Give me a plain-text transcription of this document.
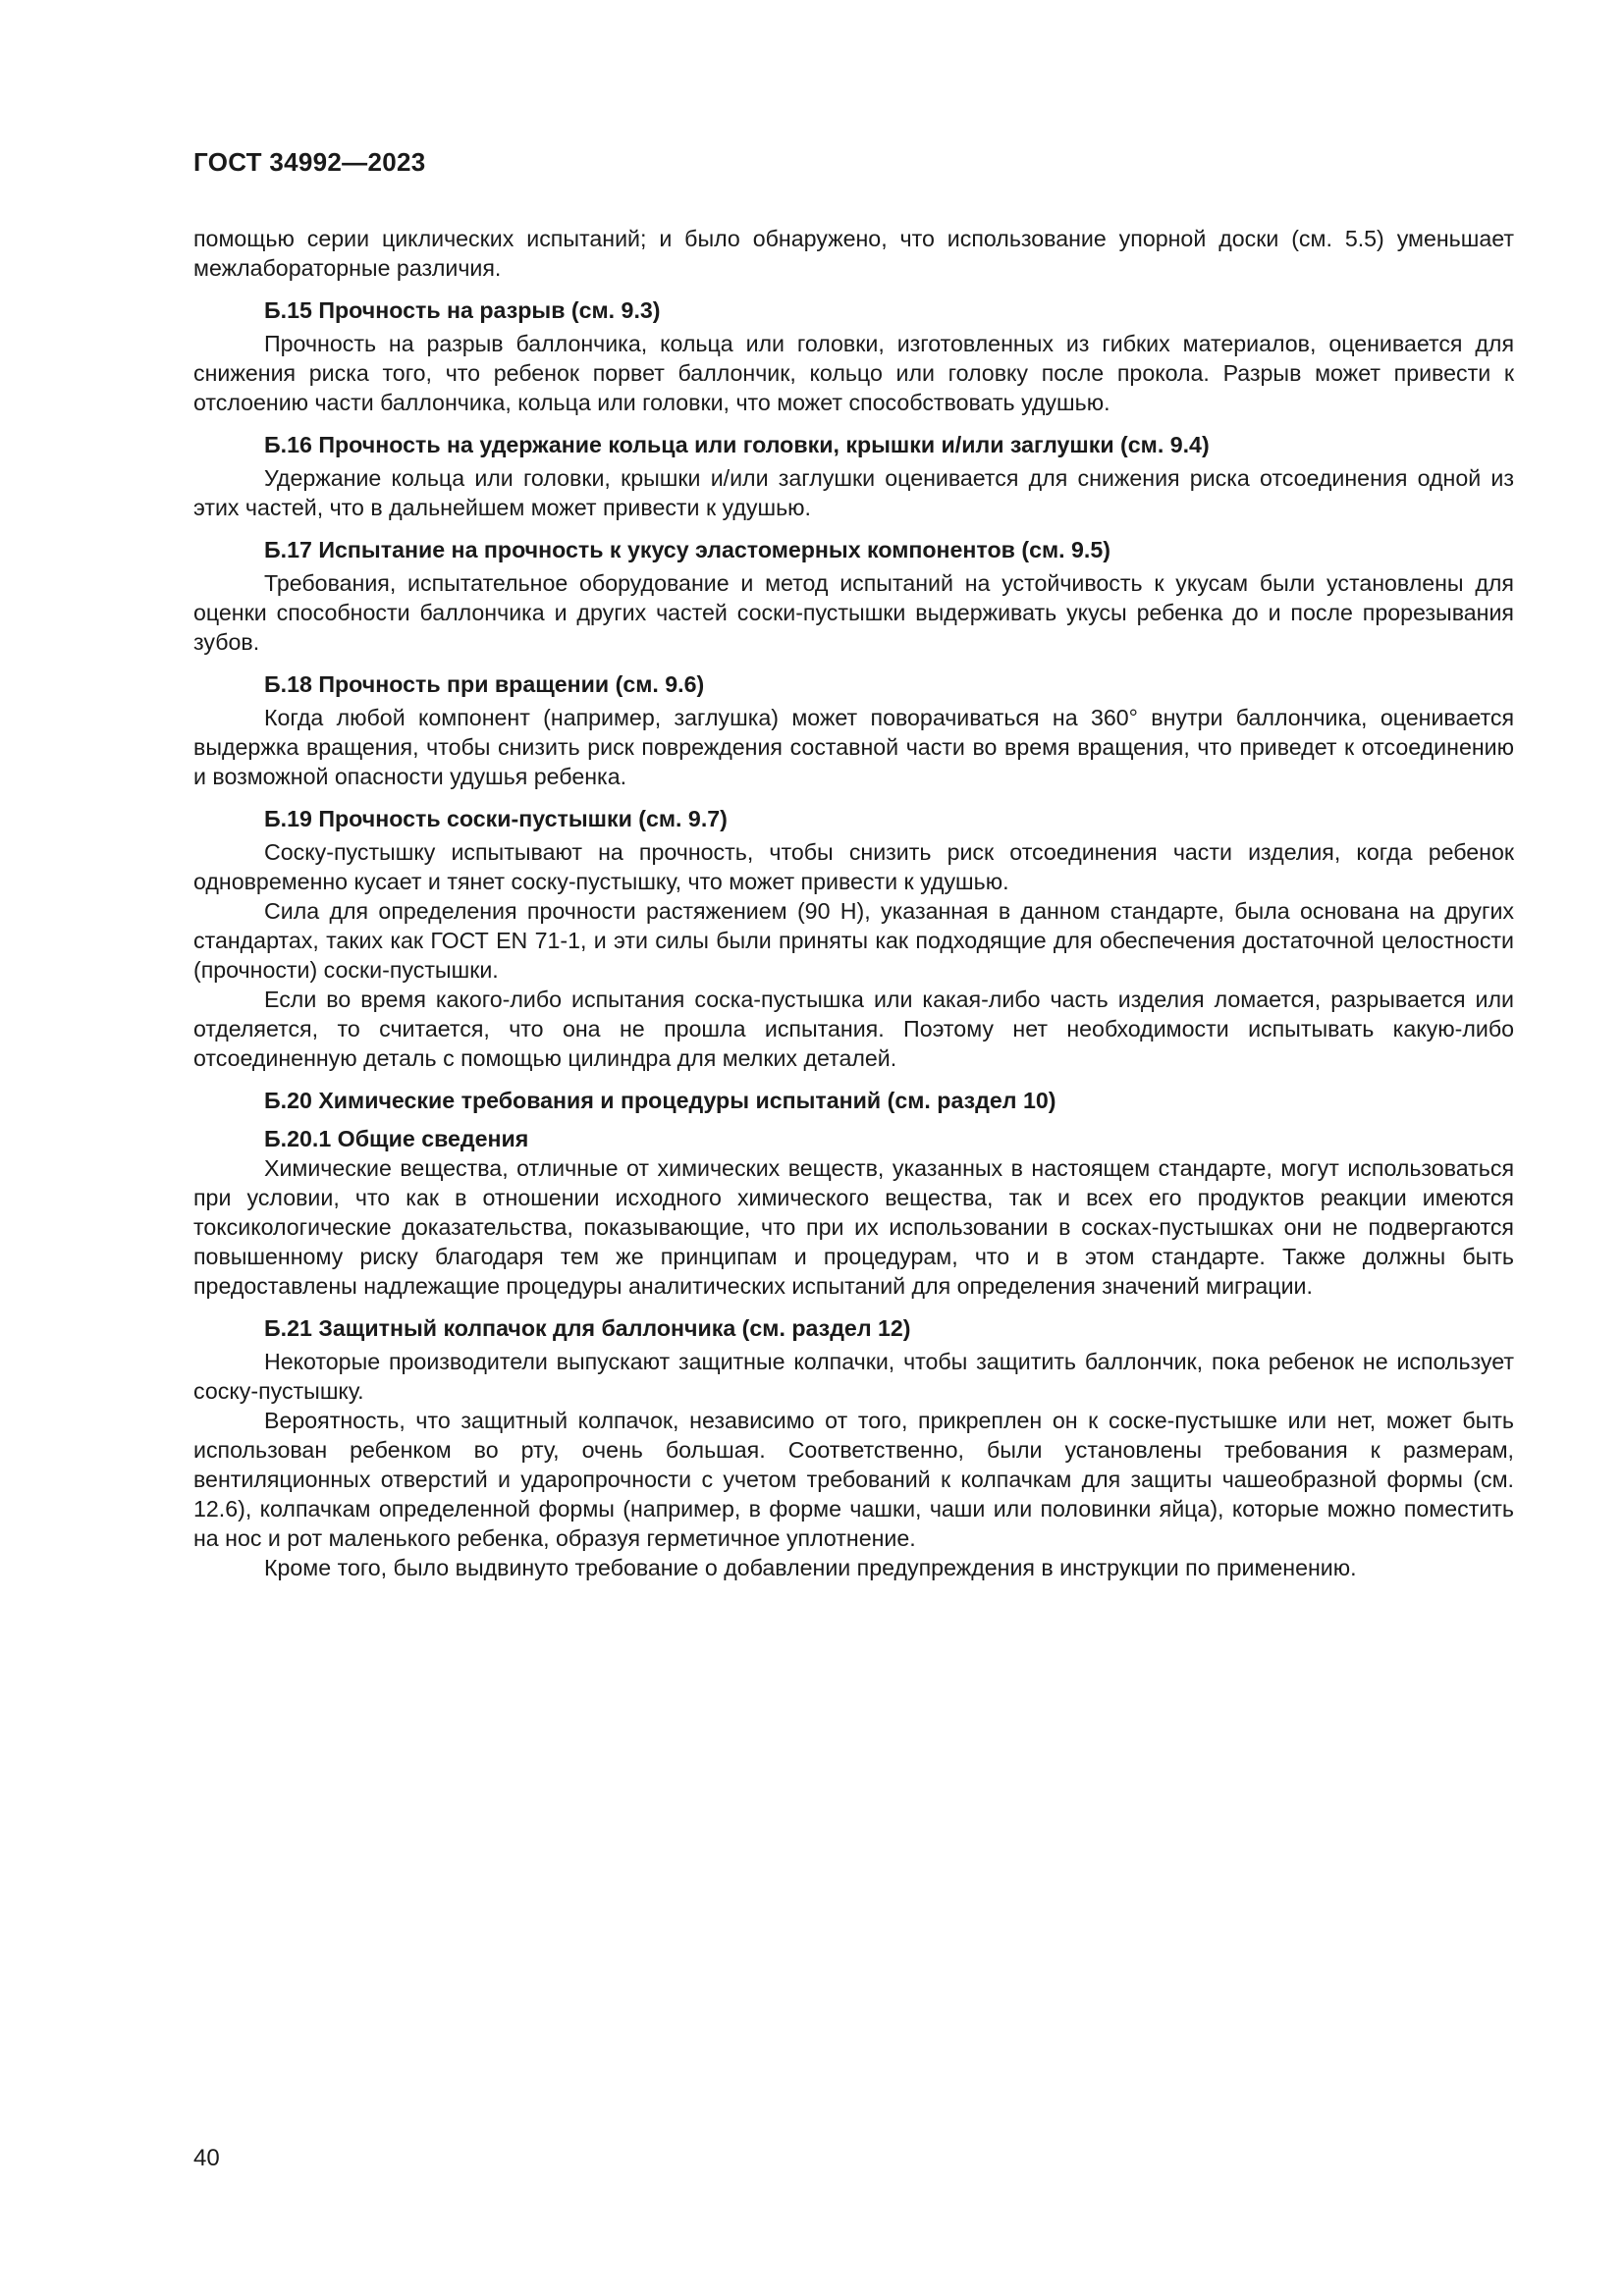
ГОСТ 34992—2023

помощью серии циклических испытаний; и было обнаружено, что использование упорной доски (см. 5.5) уменьшает межлабораторные различия.

Б.15 Прочность на разрыв (см. 9.3)

Прочность на разрыв баллончика, кольца или головки, изготовленных из гибких материалов, оценивается для снижения риска того, что ребенок порвет баллончик, кольцо или головку после прокола. Разрыв может привести к отслоению части баллончика, кольца или головки, что может способствовать удушью.

Б.16 Прочность на удержание кольца или головки, крышки и/или заглушки (см. 9.4)

Удержание кольца или головки, крышки и/или заглушки оценивается для снижения риска отсоединения одной из этих частей, что в дальнейшем может привести к удушью.

Б.17 Испытание на прочность к укусу эластомерных компонентов (см. 9.5)

Требования, испытательное оборудование и метод испытаний на устойчивость к укусам были установлены для оценки способности баллончика и других частей соски-пустышки выдерживать укусы ребенка до и после прорезывания зубов.

Б.18 Прочность при вращении (см. 9.6)

Когда любой компонент (например, заглушка) может поворачиваться на 360° внутри баллончика, оценивается выдержка вращения, чтобы снизить риск повреждения составной части во время вращения, что приведет к отсоединению и возможной опасности удушья ребенка.

Б.19 Прочность соски-пустышки (см. 9.7)

Соску-пустышку испытывают на прочность, чтобы снизить риск отсоединения части изделия, когда ребенок одновременно кусает и тянет соску-пустышку, что может привести к удушью.

Сила для определения прочности растяжением (90 Н), указанная в данном стандарте, была основана на других стандартах, таких как ГОСТ EN 71-1, и эти силы были приняты как подходящие для обеспечения достаточной целостности (прочности) соски-пустышки.

Если во время какого-либо испытания соска-пустышка или какая-либо часть изделия ломается, разрывается или отделяется, то считается, что она не прошла испытания. Поэтому нет необходимости испытывать какую-либо отсоединенную деталь с помощью цилиндра для мелких деталей.

Б.20 Химические требования и процедуры испытаний (см. раздел 10)
Б.20.1 Общие сведения

Химические вещества, отличные от химических веществ, указанных в настоящем стандарте, могут использоваться при условии, что как в отношении исходного химического вещества, так и всех его продуктов реакции имеются токсикологические доказательства, показывающие, что при их использовании в сосках-пустышках они не подвергаются повышенному риску благодаря тем же принципам и процедурам, что и в этом стандарте. Также должны быть предоставлены надлежащие процедуры аналитических испытаний для определения значений миграции.

Б.21 Защитный колпачок для баллончика (см. раздел 12)

Некоторые производители выпускают защитные колпачки, чтобы защитить баллончик, пока ребенок не использует соску-пустышку.

Вероятность, что защитный колпачок, независимо от того, прикреплен он к соске-пустышке или нет, может быть использован ребенком во рту, очень большая. Соответственно, были установлены требования к размерам, вентиляционных отверстий и ударопрочности с учетом требований к колпачкам для защиты чашеобразной формы (см. 12.6), колпачкам определенной формы (например, в форме чашки, чаши или половинки яйца), которые можно поместить на нос и рот маленького ребенка, образуя герметичное уплотнение.

Кроме того, было выдвинуто требование о добавлении предупреждения в инструкции по применению.

40
